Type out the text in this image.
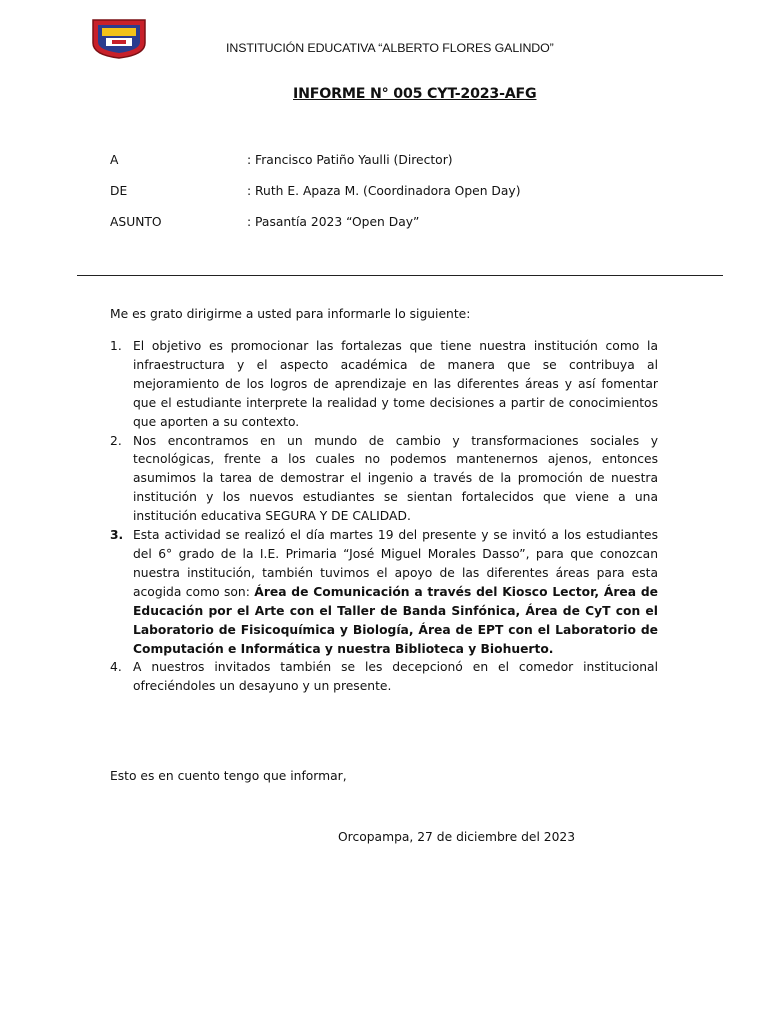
INSTITUCIÓN EDUCATIVA “ALBERTO FLORES GALINDO”
INFORME N° 005 CYT-2023-AFG
A	: Francisco Patiño Yaulli (Director)
DE	: Ruth E. Apaza M. (Coordinadora Open Day)
ASUNTO	: Pasantía 2023 “Open Day”
Me es grato dirigirme a usted para informarle lo siguiente:
1. El objetivo es promocionar las fortalezas que tiene nuestra institución como la infraestructura y el aspecto académica de manera que se contribuya al mejoramiento de los logros de aprendizaje en las diferentes áreas y así fomentar que el estudiante interprete la realidad y tome decisiones a partir de conocimientos que aporten a su contexto.
2. Nos encontramos en un mundo de cambio y transformaciones sociales y tecnológicas, frente a los cuales no podemos mantenernos ajenos, entonces asumimos la tarea de demostrar el ingenio a través de la promoción de nuestra institución y los nuevos estudiantes se sientan fortalecidos que viene a una institución educativa SEGURA Y DE CALIDAD.
3. Esta actividad se realizó el día martes 19 del presente y se invitó a los estudiantes del 6° grado de la I.E. Primaria “José Miguel Morales Dasso”, para que conozcan nuestra institución, también tuvimos el apoyo de las diferentes áreas para esta acogida como son: Área de Comunicación a través del Kiosco Lector, Área de Educación por el Arte con el Taller de Banda Sinfónica, Área de CyT con el Laboratorio de Fisicoquímica y Biología, Área de EPT con el Laboratorio de Computación e Informática y nuestra Biblioteca y Biohuerto.
4. A nuestros invitados también se les decepcionó en el comedor institucional ofreciéndoles un desayuno y un presente.
Esto es en cuento tengo que informar,
Orcopampa, 27 de diciembre del 2023
